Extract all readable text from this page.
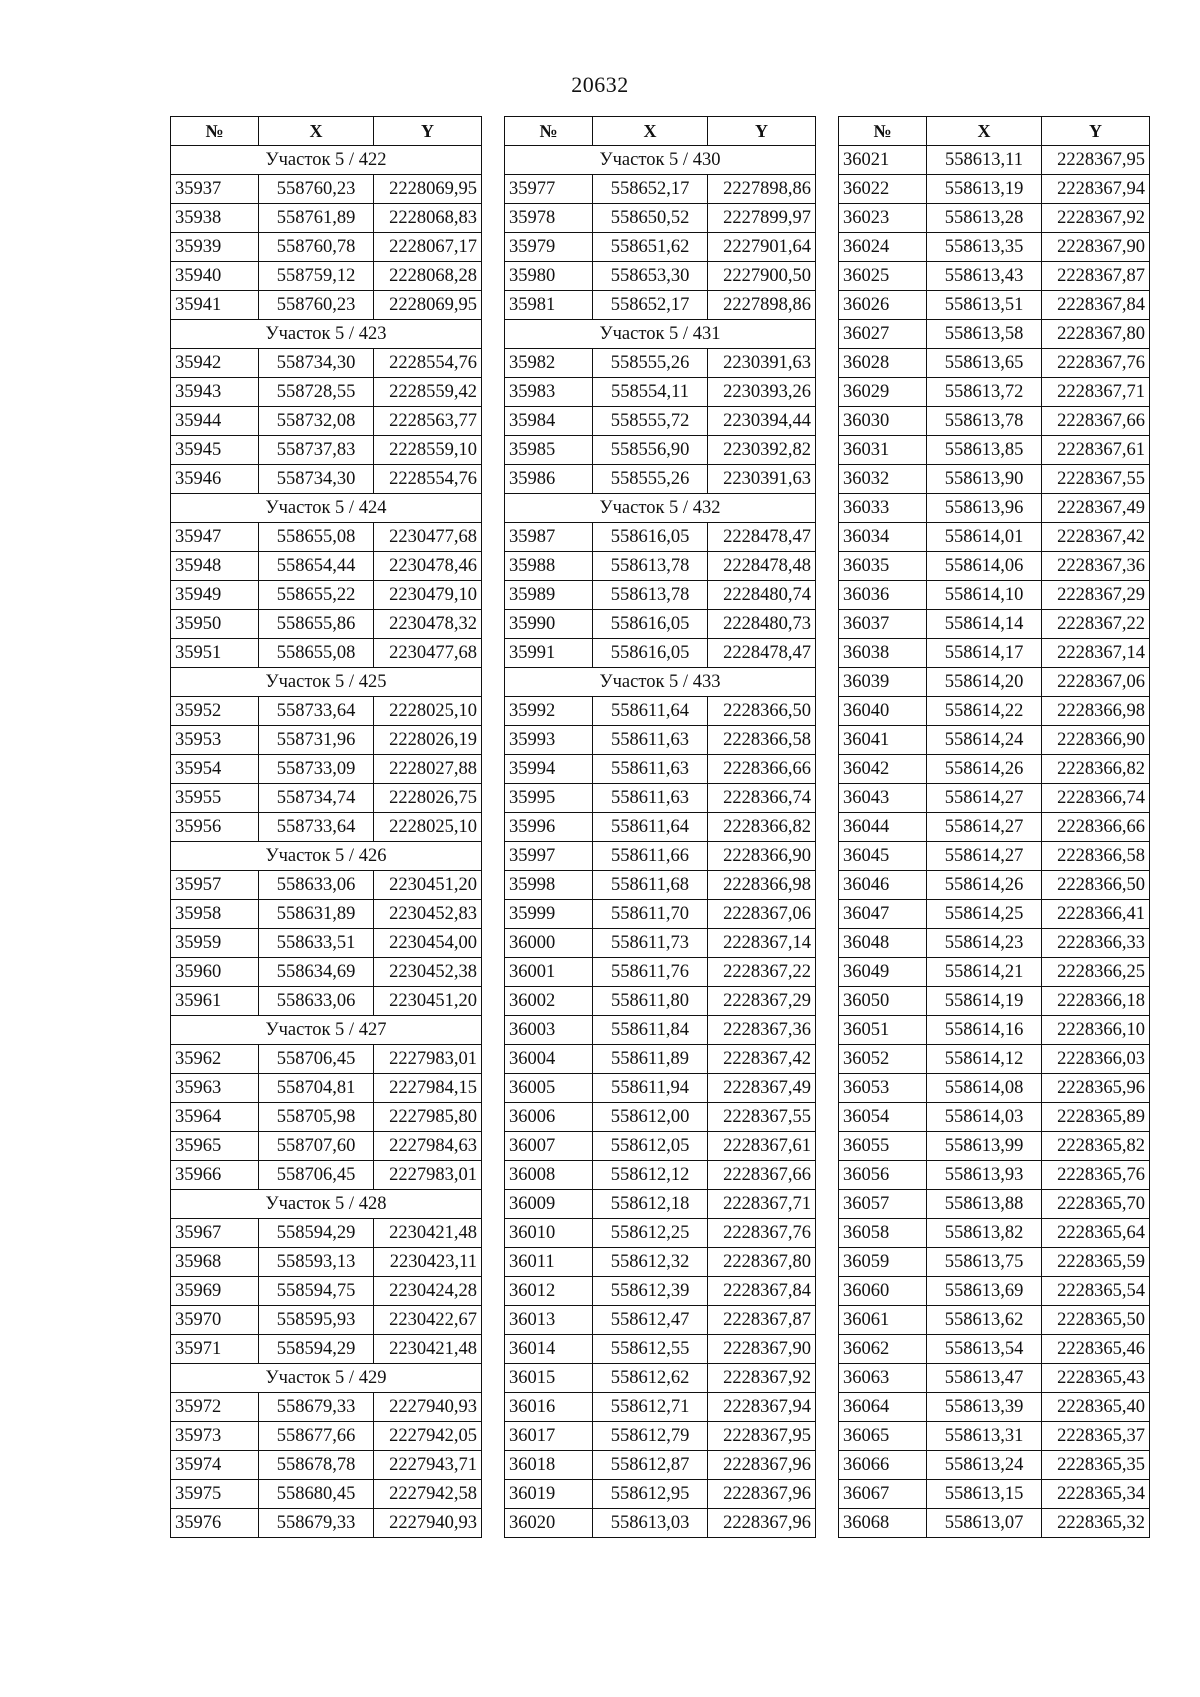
20632
№	X	Y
Участок 5 / 422		
35937	558760,23	2228069,95
35938	558761,89	2228068,83
35939	558760,78	2228067,17
35940	558759,12	2228068,28
35941	558760,23	2228069,95
Участок 5 / 423		
35942	558734,30	2228554,76
35943	558728,55	2228559,42
35944	558732,08	2228563,77
35945	558737,83	2228559,10
35946	558734,30	2228554,76
Участок 5 / 424		
35947	558655,08	2230477,68
35948	558654,44	2230478,46
35949	558655,22	2230479,10
35950	558655,86	2230478,32
35951	558655,08	2230477,68
Участок 5 / 425		
35952	558733,64	2228025,10
35953	558731,96	2228026,19
35954	558733,09	2228027,88
35955	558734,74	2228026,75
35956	558733,64	2228025,10
Участок 5 / 426		
35957	558633,06	2230451,20
35958	558631,89	2230452,83
35959	558633,51	2230454,00
35960	558634,69	2230452,38
35961	558633,06	2230451,20
Участок 5 / 427		
35962	558706,45	2227983,01
35963	558704,81	2227984,15
35964	558705,98	2227985,80
35965	558707,60	2227984,63
35966	558706,45	2227983,01
Участок 5 / 428		
35967	558594,29	2230421,48
35968	558593,13	2230423,11
35969	558594,75	2230424,28
35970	558595,93	2230422,67
35971	558594,29	2230421,48
Участок 5 / 429		
35972	558679,33	2227940,93
35973	558677,66	2227942,05
35974	558678,78	2227943,71
35975	558680,45	2227942,58
35976	558679,33	2227940,93
№	X	Y
Участок 5 / 430		
35977	558652,17	2227898,86
35978	558650,52	2227899,97
35979	558651,62	2227901,64
35980	558653,30	2227900,50
35981	558652,17	2227898,86
Участок 5 / 431		
35982	558555,26	2230391,63
35983	558554,11	2230393,26
35984	558555,72	2230394,44
35985	558556,90	2230392,82
35986	558555,26	2230391,63
Участок 5 / 432		
35987	558616,05	2228478,47
35988	558613,78	2228478,48
35989	558613,78	2228480,74
35990	558616,05	2228480,73
35991	558616,05	2228478,47
Участок 5 / 433		
35992	558611,64	2228366,50
35993	558611,63	2228366,58
35994	558611,63	2228366,66
35995	558611,63	2228366,74
35996	558611,64	2228366,82
35997	558611,66	2228366,90
35998	558611,68	2228366,98
35999	558611,70	2228367,06
36000	558611,73	2228367,14
36001	558611,76	2228367,22
36002	558611,80	2228367,29
36003	558611,84	2228367,36
36004	558611,89	2228367,42
36005	558611,94	2228367,49
36006	558612,00	2228367,55
36007	558612,05	2228367,61
36008	558612,12	2228367,66
36009	558612,18	2228367,71
36010	558612,25	2228367,76
36011	558612,32	2228367,80
36012	558612,39	2228367,84
36013	558612,47	2228367,87
36014	558612,55	2228367,90
36015	558612,62	2228367,92
36016	558612,71	2228367,94
36017	558612,79	2228367,95
36018	558612,87	2228367,96
36019	558612,95	2228367,96
36020	558613,03	2228367,96
№	X	Y
36021	558613,11	2228367,95
36022	558613,19	2228367,94
36023	558613,28	2228367,92
36024	558613,35	2228367,90
36025	558613,43	2228367,87
36026	558613,51	2228367,84
36027	558613,58	2228367,80
36028	558613,65	2228367,76
36029	558613,72	2228367,71
36030	558613,78	2228367,66
36031	558613,85	2228367,61
36032	558613,90	2228367,55
36033	558613,96	2228367,49
36034	558614,01	2228367,42
36035	558614,06	2228367,36
36036	558614,10	2228367,29
36037	558614,14	2228367,22
36038	558614,17	2228367,14
36039	558614,20	2228367,06
36040	558614,22	2228366,98
36041	558614,24	2228366,90
36042	558614,26	2228366,82
36043	558614,27	2228366,74
36044	558614,27	2228366,66
36045	558614,27	2228366,58
36046	558614,26	2228366,50
36047	558614,25	2228366,41
36048	558614,23	2228366,33
36049	558614,21	2228366,25
36050	558614,19	2228366,18
36051	558614,16	2228366,10
36052	558614,12	2228366,03
36053	558614,08	2228365,96
36054	558614,03	2228365,89
36055	558613,99	2228365,82
36056	558613,93	2228365,76
36057	558613,88	2228365,70
36058	558613,82	2228365,64
36059	558613,75	2228365,59
36060	558613,69	2228365,54
36061	558613,62	2228365,50
36062	558613,54	2228365,46
36063	558613,47	2228365,43
36064	558613,39	2228365,40
36065	558613,31	2228365,37
36066	558613,24	2228365,35
36067	558613,15	2228365,34
36068	558613,07	2228365,32
